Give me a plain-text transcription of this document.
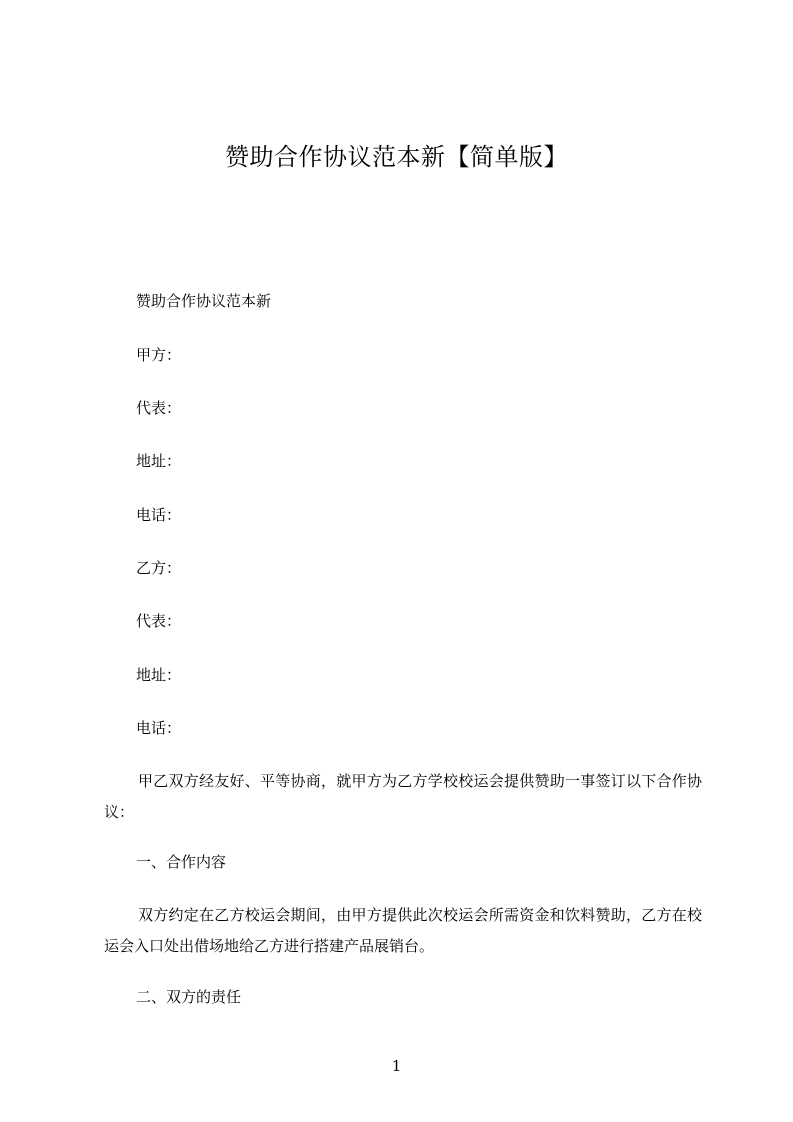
赞助合作协议范本新【简单版】

赞助合作协议范本新

甲方：

代表：

地址：

电话：

乙方：

代表：

地址：

电话：

甲乙双方经友好、平等协商，就甲方为乙方学校校运会提供赞助一事签订以下合作协议：

一、合作内容

双方约定在乙方校运会期间，由甲方提供此次校运会所需资金和饮料赞助，乙方在校运会入口处出借场地给乙方进行搭建产品展销台。

二、双方的责任

1
